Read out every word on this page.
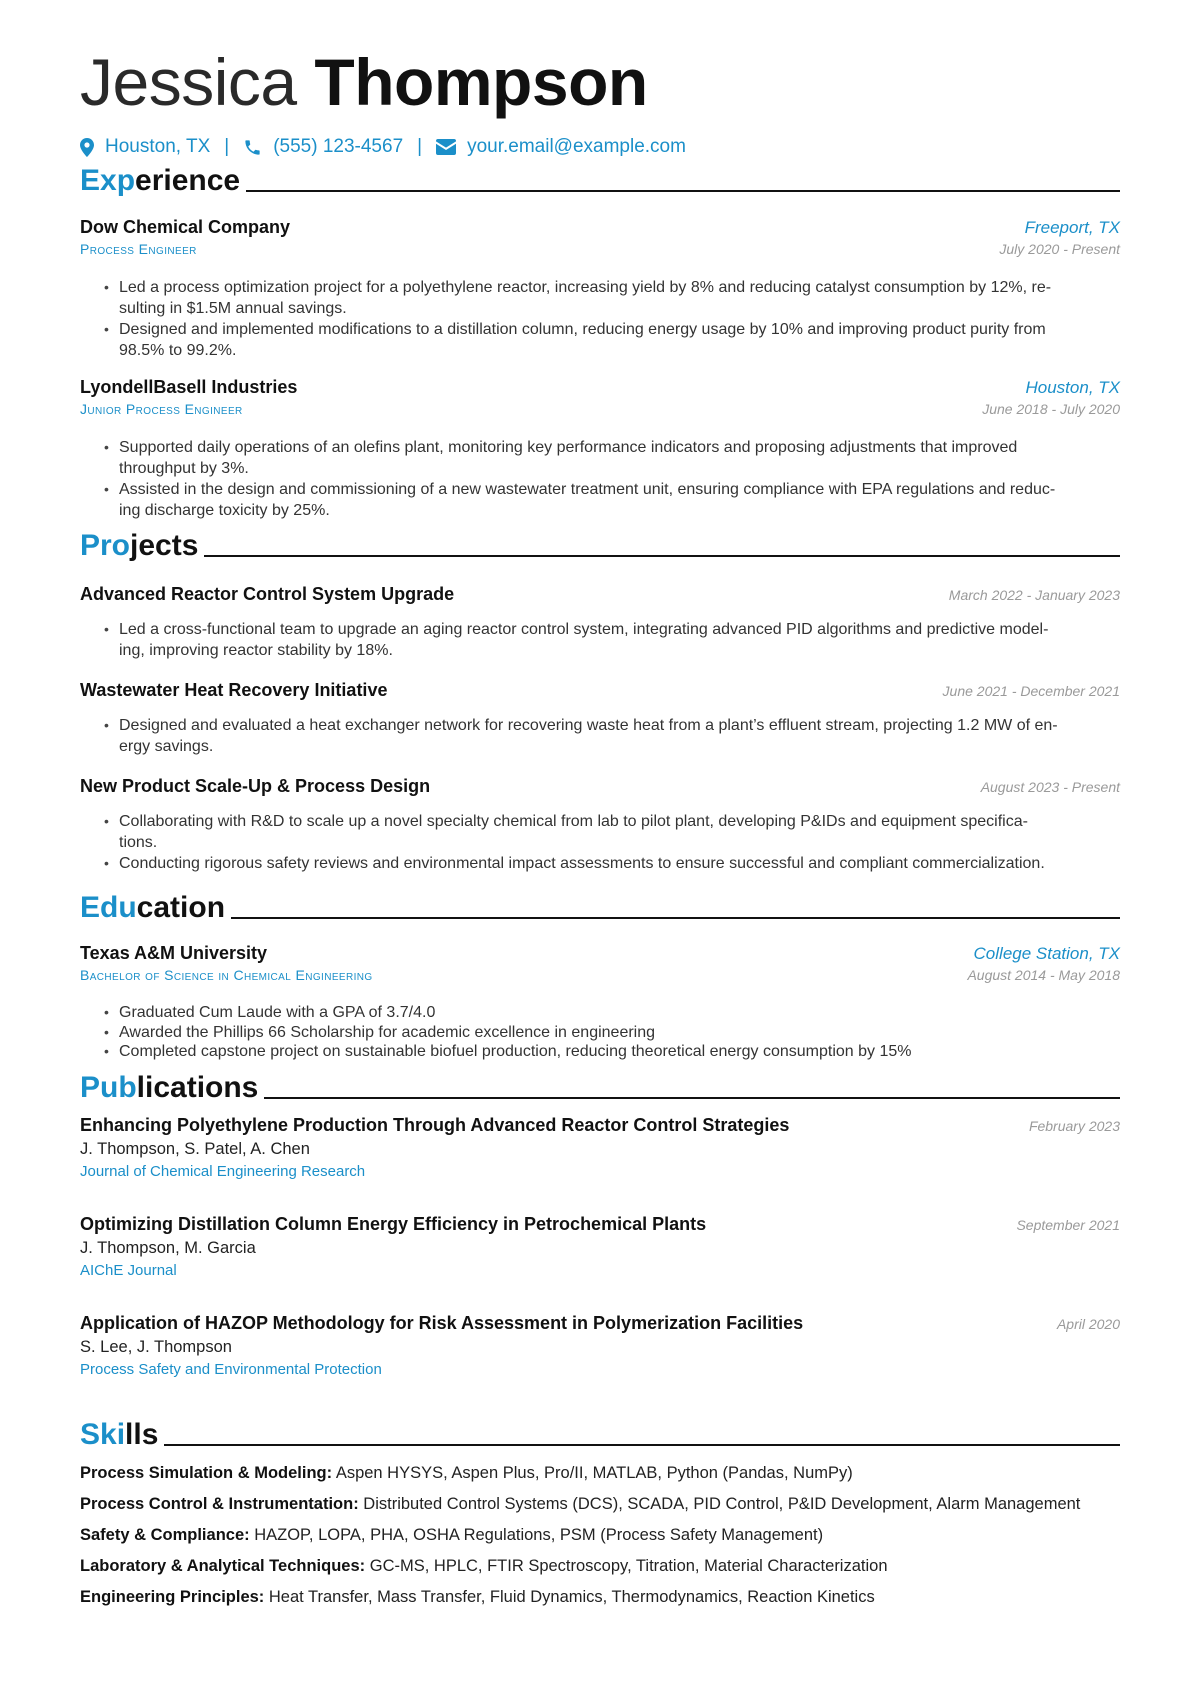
Jessica Thompson
Houston, TX | (555) 123-4567 | your.email@example.com
Experience
Dow Chemical Company	Freeport, TX
Process Engineer	July 2020 - Present
• Led a process optimization project for a polyethylene reactor, increasing yield by 8% and reducing catalyst consumption by 12%, re-
sulting in $1.5M annual savings.
• Designed and implemented modifications to a distillation column, reducing energy usage by 10% and improving product purity from
98.5% to 99.2%.
LyondellBasell Industries	Houston, TX
Junior Process Engineer	June 2018 - July 2020
• Supported daily operations of an olefins plant, monitoring key performance indicators and proposing adjustments that improved
throughput by 3%.
• Assisted in the design and commissioning of a new wastewater treatment unit, ensuring compliance with EPA regulations and reduc-
ing discharge toxicity by 25%.
Projects
Advanced Reactor Control System Upgrade	March 2022 - January 2023
• Led a cross-functional team to upgrade an aging reactor control system, integrating advanced PID algorithms and predictive model-
ing, improving reactor stability by 18%.
Wastewater Heat Recovery Initiative	June 2021 - December 2021
• Designed and evaluated a heat exchanger network for recovering waste heat from a plant’s effluent stream, projecting 1.2 MW of en-
ergy savings.
New Product Scale-Up & Process Design	August 2023 - Present
• Collaborating with R&D to scale up a novel specialty chemical from lab to pilot plant, developing P&IDs and equipment specifica-
tions.
• Conducting rigorous safety reviews and environmental impact assessments to ensure successful and compliant commercialization.
Education
Texas A&M University	College Station, TX
Bachelor of Science in Chemical Engineering	August 2014 - May 2018
• Graduated Cum Laude with a GPA of 3.7/4.0
• Awarded the Phillips 66 Scholarship for academic excellence in engineering
• Completed capstone project on sustainable biofuel production, reducing theoretical energy consumption by 15%
Publications
Enhancing Polyethylene Production Through Advanced Reactor Control Strategies	February 2023
J. Thompson, S. Patel, A. Chen
Journal of Chemical Engineering Research
Optimizing Distillation Column Energy Efficiency in Petrochemical Plants	September 2021
J. Thompson, M. Garcia
AIChE Journal
Application of HAZOP Methodology for Risk Assessment in Polymerization Facilities	April 2020
S. Lee, J. Thompson
Process Safety and Environmental Protection
Skills
Process Simulation & Modeling: Aspen HYSYS, Aspen Plus, Pro/II, MATLAB, Python (Pandas, NumPy)
Process Control & Instrumentation: Distributed Control Systems (DCS), SCADA, PID Control, P&ID Development, Alarm Management
Safety & Compliance: HAZOP, LOPA, PHA, OSHA Regulations, PSM (Process Safety Management)
Laboratory & Analytical Techniques: GC-MS, HPLC, FTIR Spectroscopy, Titration, Material Characterization
Engineering Principles: Heat Transfer, Mass Transfer, Fluid Dynamics, Thermodynamics, Reaction Kinetics
